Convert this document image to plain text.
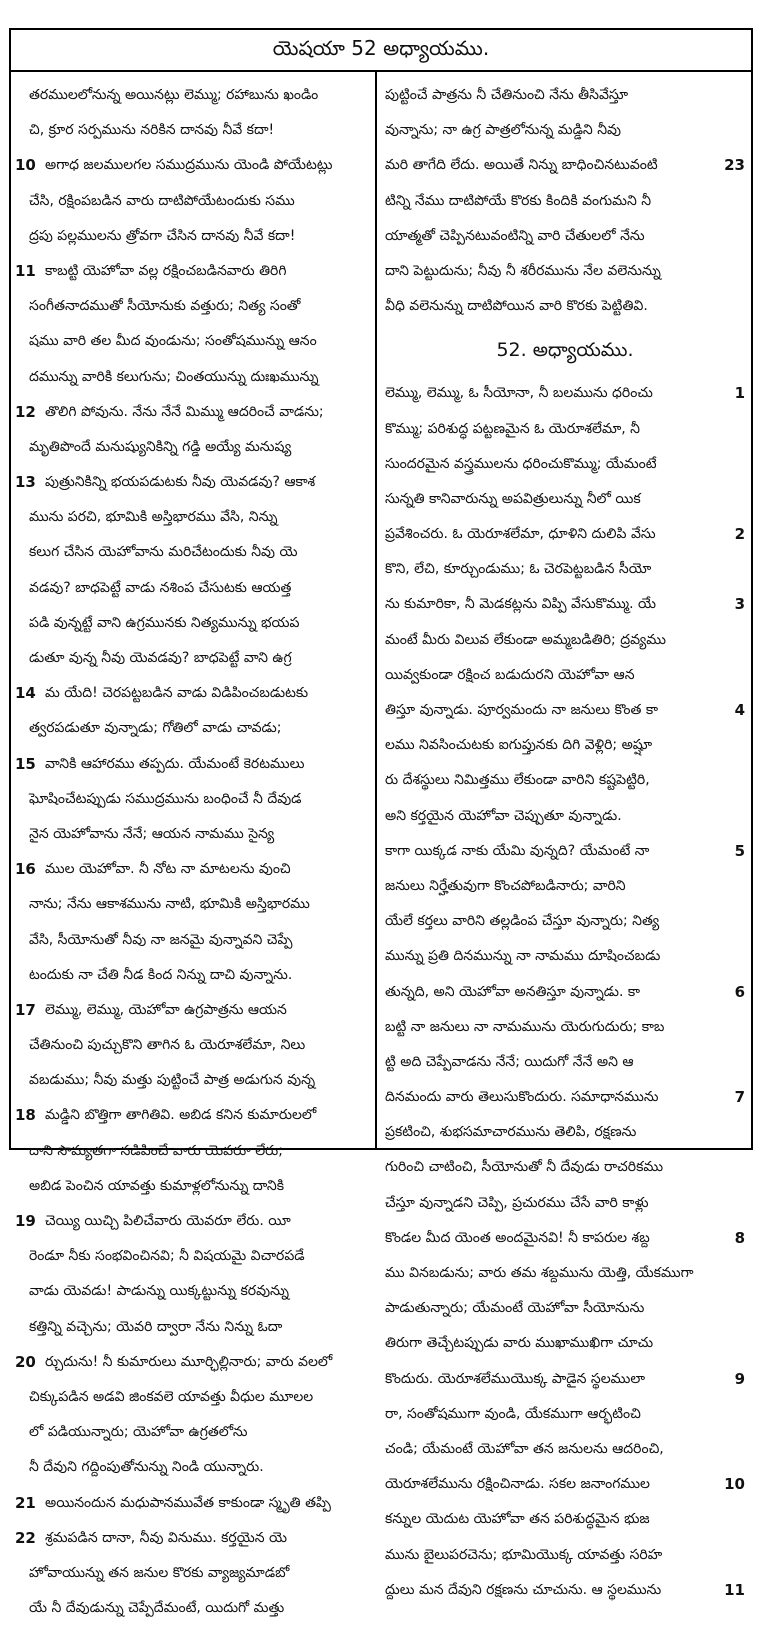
యెషయా 52 అధ్యాయము.
తరములలోనున్న అయినట్లు లెమ్ము; రహాబును ఖండిం
చి, క్రూర సర్పమును నరికిన దానవు నీవే కదా!
10 అగాధ జలములగల సముద్రమును యెండి పోయేటట్లు
చేసి, రక్షింపబడిన వారు దాటిపోయేటందుకు సము
ద్రపు పల్లములను త్రోవగా చేసిన దానవు నీవే కదా!
11 కాబట్టి యెహోవా వల్ల రక్షించబడినవారు తిరిగి
సంగీతనాదముతో సీయోనుకు వత్తురు; నిత్య సంతో
షము వారి తల మీద వుండును; సంతోషమున్ను ఆనం
దమున్ను వారికి కలుగును; చింతయున్ను దుఃఖమున్ను
12 తొలిగి పోవును. నేను నేనే మిమ్ము ఆదరించే వాడను;
మృతిపొందే మనుష్యునికిన్ని గడ్డి అయ్యే మనుష్య
13 పుత్రునికిన్ని భయపడుటకు నీవు యెవడవు? ఆకాశ
మును పరచి, భూమికి అస్తిభారము వేసి, నిన్ను
కలుగ చేసిన యెహోవాను మరిచేటందుకు నీవు యె
వడవు? బాధపెట్టే వాడు నశింప చేసుటకు ఆయత్త
పడి వున్నట్టే వాని ఉగ్రమునకు నిత్యమున్ను భయప
డుతూ వున్న నీవు యెవడవు? బాధపెట్టే వాని ఉగ్ర
14 మ యేది! చెరపట్టబడిన వాడు విడిపించబడుటకు
త్వరపడుతూ వున్నాడు; గోతిలో వాడు చావడు;
15 వానికి ఆహారము తప్పదు. యేమంటే కెరటములు
ఘోషించేటప్పుడు సముద్రమును బంధించే నీ దేవుడ
నైన యెహోవాను నేనే; ఆయన నామము సైన్య
16 ముల యెహోవా. నీ నోట నా మాటలను వుంచి
నాను; నేను ఆకాశమును నాటి, భూమికి అస్తిభారము
వేసి, సీయోనుతో నీవు నా జనమై వున్నావని చెప్పే
టందుకు నా చేతి నీడ కింద నిన్ను దాచి వున్నాను.
17 లెమ్ము, లెమ్ము, యెహోవా ఉగ్రపాత్రను ఆయన
చేతినుంచి పుచ్చుకొని తాగిన ఓ యెరూశలేమా, నిలు
వబడుము; నీవు మత్తు పుట్టించే పాత్ర అడుగున వున్న
18 మడ్డిని బొత్తిగా తాగితివి. అబిడ కనిన కుమారులలో
దాని సౌమ్యతగా నడిపించే వారు యెవరూ లేరు;
అబిడ పెంచిన యావత్తు కుమాళ్లలోనున్ను దానికి
19 చెయ్యి యిచ్చి పిలిచేవారు యెవరూ లేరు. యీ
రెండూ నీకు సంభవించినవి; నీ విషయమై విచారపడే
వాడు యెవడు! పాడున్ను యిక్కట్టున్ను కరవున్ను
కత్తిన్ని వచ్చెను; యెవరి ద్వారా నేను నిన్ను ఓదా
20 ర్చుదును! నీ కుమారులు మూర్ఛిల్లినారు; వారు వలలో
చిక్కుపడిన అడవి జింకవలె యావత్తు వీధుల మూలల
లో పడియున్నారు; యెహోవా ఉగ్రతలోను
నీ దేవుని గద్దింపుతోనున్ను నిండి యున్నారు.
21 అయినందున మధుపానమువేత కాకుండా స్మృతి తప్పి
22 శ్రమపడిన దానా, నీవు వినుము. కర్తయైన యె
హోవాయున్ను తన జనుల కొరకు వ్యాజ్యమాడబో
యే నీ దేవుడున్ను చెప్పేదేమంటే, యిదుగో మత్తు
పుట్టించే పాత్రను నీ చేతినుంచి నేను తీసివేస్తూ
వున్నాను; నా ఉగ్ర పాత్రలోనున్న మడ్డిని నీవు
23
మరి తాగేది లేదు. అయితే నిన్ను బాధించినటువంటి
టిన్ని నేము దాటిపోయే కొరకు కిందికి వంగుమని నీ
యాత్మతో చెప్పినటువంటిన్ని వారి చేతులలో నేను
దాని పెట్టుదును; నీవు నీ శరీరమును నేల వలెనున్ను
వీధి వలెనున్ను దాటిపోయిన వారి కొరకు పెట్టితివి.
52. అధ్యాయము.
1
లెమ్ము, లెమ్ము, ఓ సీయోనా, నీ బలమును ధరించు
కొమ్ము; పరిశుద్ధ పట్టణమైన ఓ యెరూశలేమా, నీ
సుందరమైన వస్త్రములను ధరించుకొమ్ము; యేమంటే
సున్నతి కానివారున్ను అపవిత్రులున్ను నీలో యిక
2
ప్రవేశించరు. ఓ యెరూశలేమా, ధూళిని దులిపి వేసు
కొని, లేచి, కూర్చుండుము; ఓ చెరపెట్టబడిన సీయో
3
ను కుమారికా, నీ మెడకట్లను విప్పి వేసుకొమ్ము. యే
మంటే మీరు విలువ లేకుండా అమ్మబడితిరి; ద్రవ్యము
యివ్వకుండా రక్షించ బడుదురని యెహోవా ఆన
4
తిస్తూ వున్నాడు. పూర్వమందు నా జనులు కొంత కా
లము నివసించుటకు ఐగుప్తునకు దిగి వెళ్లిరి; అష్షూ
రు దేశస్థులు నిమిత్తము లేకుండా వారిని కష్టపెట్టిరి,
అని కర్తయైన యెహోవా చెప్పుతూ వున్నాడు.
5
కాగా యిక్కడ నాకు యేమి వున్నది? యేమంటే నా
జనులు నిర్హేతువుగా కొంచపోబడినారు; వారిని
యేలే కర్తలు వారిని తల్లడింప చేస్తూ వున్నారు; నిత్య
మున్ను ప్రతి దినమున్ను నా నామము దూషించబడు
6
తున్నది, అని యెహోవా అనతిస్తూ వున్నాడు. కా
బట్టి నా జనులు నా నామమును యెరుగుదురు; కాబ
ట్టి అది చెప్పేవాడను నేనే; యిదుగో నేనే అని ఆ
7
దినమందు వారు తెలుసుకొందురు. సమాధానమును
ప్రకటించి, శుభసమాచారమును తెలిపి, రక్షణను
గురించి చాటించి, సీయోనుతో నీ దేవుడు రాచరికము
చేస్తూ వున్నాడని చెప్పి, ప్రచురము చేసే వారి కాళ్లు
8
కొండల మీద యెంత అందమైనవి! నీ కాపరుల శబ్ద
ము వినబడును; వారు తమ శబ్దమును యెత్తి, యేకముగా
పాడుతున్నారు; యేమంటే యెహోవా సీయోనును
తిరుగా తెచ్చేటప్పుడు వారు ముఖాముఖిగా చూచు
9
కొందురు. యెరూశలేముయొక్క పాడైన స్థలములా
రా, సంతోషముగా వుండి, యేకముగా ఆర్భటించి
చండి; యేమంటే యెహోవా తన జనులను ఆదరించి,
10
యెరూశలేమును రక్షించినాడు. సకల జనాంగముల
కన్నుల యెదుట యెహోవా తన పరిశుద్ధమైన భుజ
మును బైలుపరచెను; భూమియొక్క యావత్తు సరిహ
11
ద్దులు మన దేవుని రక్షణను చూచును. ఆ స్థలమును
